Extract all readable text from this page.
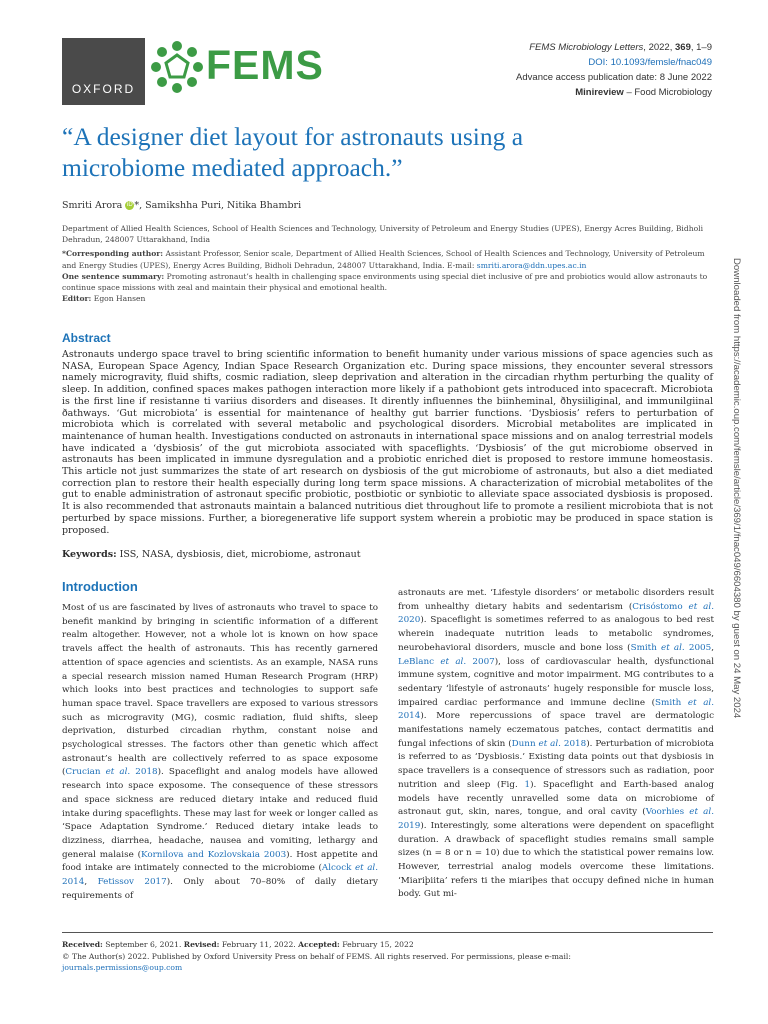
OXFORD
FEMS	FEMS Microbiology Letters, 2022, 369, 1–9
DOI: 10.1093/femsle/fnac049
Advance access publication date: 8 June 2022
Minireview – Food Microbiology
“A designer diet layout for astronauts using a microbiome mediated approach.”
Smriti Arora iD *, Samikshha Puri, Nitika Bhambri

Department of Allied Health Sciences, School of Health Sciences and Technology, University of Petroleum and Energy Studies (UPES), Energy Acres Building, Bidholi Dehradun, 248007 Uttarakhand, India

*Corresponding author: Assistant Professor, Senior scale, Department of Allied Health Sciences, School of Health Sciences and Technology, University of Petroleum and Energy Studies (UPES), Energy Acres Building, Bidholi Dehradun, 248007 Uttarakhand, India. E-mail: smriti.arora@ddn.upes.ac.in

One sentence summary: Promoting astronaut’s health in challenging space environments using special diet inclusive of pre and probiotics would allow astronauts to continue space missions with zeal and maintain their physical and emotional health.

Editor: Egon Hansen

Abstract

Astronauts undergo space travel to bring scientific information to benefit humanity under various missions of space agencies such as NASA, European Space Agency, Indian Space Research Organization etc. During space missions, they encounter several stressors namely microgravity, fluid shifts, cosmic radiation, sleep deprivation and alteration in the circadian rhythm perturbing the quality of sleep. In addition, confined spaces makes pathogen interaction more likely if a pathobiont gets introduced into spacecraft. Microbiota is the first line if resistanne ti variius disorders and diseases. It dirently influennes the biinheminal, ðhysiiliginal, and immunilgiinal ðathways. ‘Gut microbiota’ is essential for maintenance of healthy gut barrier functions. ‘Dysbiosis’ refers to perturbation of microbiota which is correlated with several metabolic and psychological disorders. Microbial metabolites are implicated in maintenance of human health. Investigations conducted on astronauts in international space missions and on analog terrestrial models have indicated a ‘dysbiosis’ of the gut microbiota associated with spaceflights. ‘Dysbiosis’ of the gut microbiome observed in astronauts has been implicated in immune dysregulation and a probiotic enriched diet is proposed to restore immune homeostasis. This article not just summarizes the state of art research on dysbiosis of the gut microbiome of astronauts, but also a diet mediated correction plan to restore their health especially during long term space missions. A characterization of microbial metabolites of the gut to enable administration of astronaut specific probiotic, postbiotic or synbiotic to alleviate space associated dysbiosis is proposed. It is also recommended that astronauts maintain a balanced nutritious diet throughout life to promote a resilient microbiota that is not perturbed by space missions. Further, a bioregenerative life support system wherein a probiotic may be produced in space station is proposed.

Keywords: ISS, NASA, dysbiosis, diet, microbiome, astronaut
Introduction

Most of us are fascinated by lives of astronauts who travel to space to benefit mankind by bringing in scientific information of a different realm altogether. However, not a whole lot is known on how space travels affect the health of astronauts. This has recently garnered attention of space agencies and scientists. As an example, NASA runs a special research mission named Human Research Program (HRP) which looks into best practices and technologies to support safe human space travel. Space travellers are exposed to various stressors such as microgravity (MG), cosmic radiation, fluid shifts, sleep deprivation, disturbed circadian rhythm, constant noise and psychological stresses. The factors other than genetic which affect astronaut’s health are collectively referred to as space exposome (Crucian et al. 2018). Spaceflight and analog models have allowed research into space exposome. The consequence of these stressors and space sickness are reduced dietary intake and reduced fluid intake during spaceflights. These may last for week or longer called as ‘Space Adaptation Syndrome.’ Reduced dietary intake leads to dizziness, diarrhea, headache, nausea and vomiting, lethargy and general malaise (Kornilova and Kozlovskaia 2003). Host appetite and food intake are intimately connected to the microbiome (Alcock et al. 2014, Fetissov 2017). Only about 70–80% of daily dietary requirements of

astronauts are met. ‘Lifestyle disorders’ or metabolic disorders result from unhealthy dietary habits and sedentarism (Crisóstomo et al. 2020). Spaceflight is sometimes referred to as analogous to bed rest wherein inadequate nutrition leads to metabolic syndromes, neurobehavioral disorders, muscle and bone loss (Smith et al. 2005, LeBlanc et al. 2007), loss of cardiovascular health, dysfunctional immune system, cognitive and motor impairment. MG contributes to a sedentary ‘lifestyle of astronauts’ hugely responsible for muscle loss, impaired cardiac performance and immune decline (Smith et al. 2014). More repercussions of space travel are dermatologic manifestations namely eczematous patches, contact dermatitis and fungal infections of skin (Dunn et al. 2018). Perturbation of microbiota is referred to as ‘Dysbiosis.’ Existing data points out that dysbiosis in space travellers is a consequence of stressors such as radiation, poor nutrition and sleep (Fig. 1). Spaceflight and Earth-based analog models have recently unravelled some data on microbiome of astronaut gut, skin, nares, tongue, and oral cavity (Voorhies et al. 2019). Interestingly, some alterations were dependent on spaceflight duration. A drawback of spaceflight studies remains small sample sizes (n = 8 or n = 10) due to which the statistical power remains low. However, terrestrial analog models overcome these limitations. ‘Miariþiita’ refers ti the miariþes that occupy defined niche in human body. Gut mi-

Received: September 6, 2021. Revised: February 11, 2022. Accepted: February 15, 2022
© The Author(s) 2022. Published by Oxford University Press on behalf of FEMS. All rights reserved. For permissions, please e-mail:
journals.permissions@oup.com
Downloaded from https://academic.oup.com/femsle/article/369/1/fnac049/6604380 by guest on 24 May 2024
